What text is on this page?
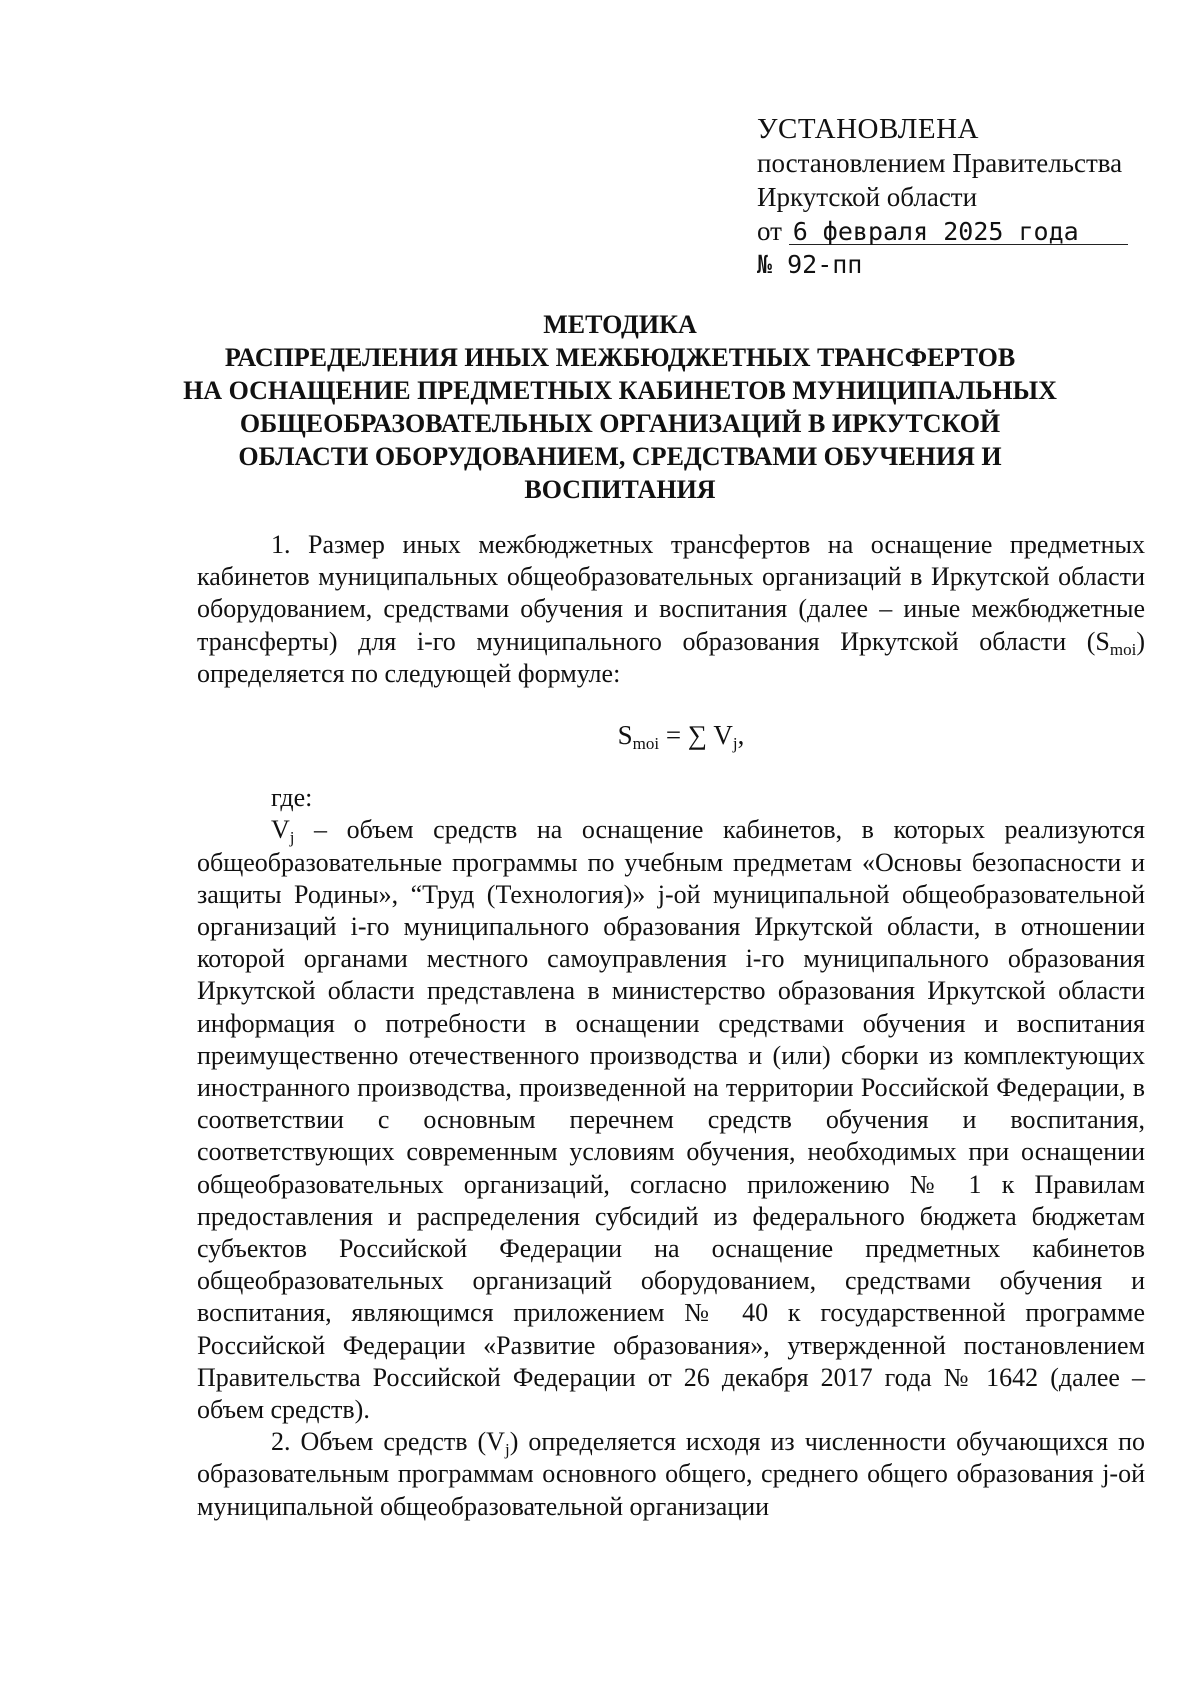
УСТАНОВЛЕНА
постановлением Правительства
Иркутской области
от 6 февраля 2025 года
№ 92-пп
МЕТОДИКА
РАСПРЕДЕЛЕНИЯ ИНЫХ МЕЖБЮДЖЕТНЫХ ТРАНСФЕРТОВ
НА ОСНАЩЕНИЕ ПРЕДМЕТНЫХ КАБИНЕТОВ МУНИЦИПАЛЬНЫХ
ОБЩЕОБРАЗОВАТЕЛЬНЫХ ОРГАНИЗАЦИЙ В ИРКУТСКОЙ
ОБЛАСТИ ОБОРУДОВАНИЕМ, СРЕДСТВАМИ ОБУЧЕНИЯ И
ВОСПИТАНИЯ

1. Размер иных межбюджетных трансфертов на оснащение предметных кабинетов муниципальных общеобразовательных организаций в Иркутской области оборудованием, средствами обучения и воспитания (далее – иные межбюджетные трансферты) для i-го муниципального образования Иркутской области $(S_{moi})$ определяется по следующей формуле:

$S_{moi}$ = ∑ $V_j$,

где:

$V_j$ – объем средств на оснащение кабинетов, в которых реализуются общеобразовательные программы по учебным предметам «Основы безопасности и защиты Родины», “Труд (Технология)» j-ой муниципальной общеобразовательной организаций i-го муниципального образования Иркутской области, в отношении которой органами местного самоуправления i-го муниципального образования Иркутской области представлена в министерство образования Иркутской области информация о потребности в оснащении средствами обучения и воспитания преимущественно отечественного производства и (или) сборки из комплектующих иностранного производства, произведенной на территории Российской Федерации, в соответствии с основным перечнем средств обучения и воспитания, соответствующих современным условиям обучения, необходимых при оснащении общеобразовательных организаций, согласно приложению № 1 к Правилам предоставления и распределения субсидий из федерального бюджета бюджетам субъектов Российской Федерации на оснащение предметных кабинетов общеобразовательных организаций оборудованием, средствами обучения и воспитания, являющимся приложением № 40 к государственной программе Российской Федерации «Развитие образования», утвержденной постановлением Правительства Российской Федерации от 26 декабря 2017 года № 1642 (далее – объем средств).

2. Объем средств $(V_j)$ определяется исходя из численности обучающихся по образовательным программам основного общего, среднего общего образования j-ой муниципальной общеобразовательной организации
